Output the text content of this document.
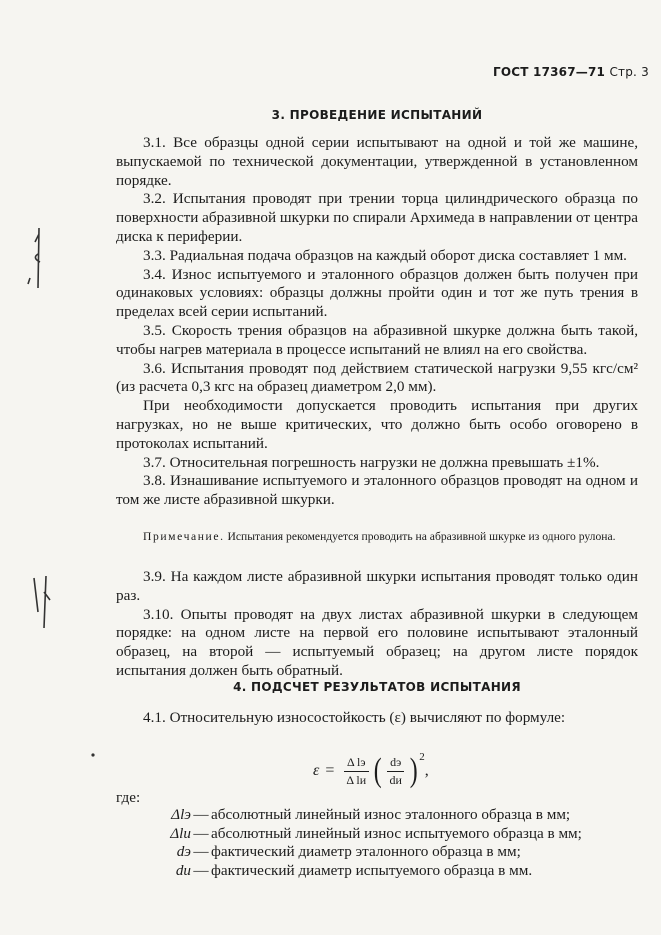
ГОСТ 17367—71 Стр. 3
3. ПРОВЕДЕНИЕ ИСПЫТАНИЙ

3.1. Все образцы одной серии испытывают на одной и той же машине, выпускаемой по технической документации, утвержденной в установленном порядке.

3.2. Испытания проводят при трении торца цилиндрического образца по поверхности абразивной шкурки по спирали Архимеда в направлении от центра диска к периферии.

3.3. Радиальная подача образцов на каждый оборот диска составляет 1 мм.

3.4. Износ испытуемого и эталонного образцов должен быть получен при одинаковых условиях: образцы должны пройти один и тот же путь трения в пределах всей серии испытаний.

3.5. Скорость трения образцов на абразивной шкурке должна быть такой, чтобы нагрев материала в процессе испытаний не влиял на его свойства.

3.6. Испытания проводят под действием статической нагрузки 9,55 кгс/см² (из расчета 0,3 кгс на образец диаметром 2,0 мм).

При необходимости допускается проводить испытания при других нагрузках, но не выше критических, что должно быть особо оговорено в протоколах испытаний.

3.7. Относительная погрешность нагрузки не должна превышать ±1%.

3.8. Изнашивание испытуемого и эталонного образцов проводят на одном и том же листе абразивной шкурки.

Примечание. Испытания рекомендуется проводить на абразивной шкурке из одного рулона.

3.9. На каждом листе абразивной шкурки испытания проводят только один раз.

3.10. Опыты проводят на двух листах абразивной шкурки в следующем порядке: на одном листе на первой его половине испытывают эталонный образец, на второй — испытуемый образец; на другом листе порядок испытания должен быть обратный.

4. ПОДСЧЕТ РЕЗУЛЬТАТОВ ИСПЫТАНИЯ

4.1. Относительную износостойкость (ε) вычисляют по формуле:

$\varepsilon = \frac{\text{Δ lэ}}{\text{Δ lи}}$ ( $\frac{dэ}{dи}$ ) 2
,
где:
Δlэ — абсолютный линейный износ эталонного образца в мм;
Δlи — абсолютный линейный износ испытуемого образца в мм;
dэ — фактический диаметр эталонного образца в мм;
dи — фактический диаметр испытуемого образца в мм.
